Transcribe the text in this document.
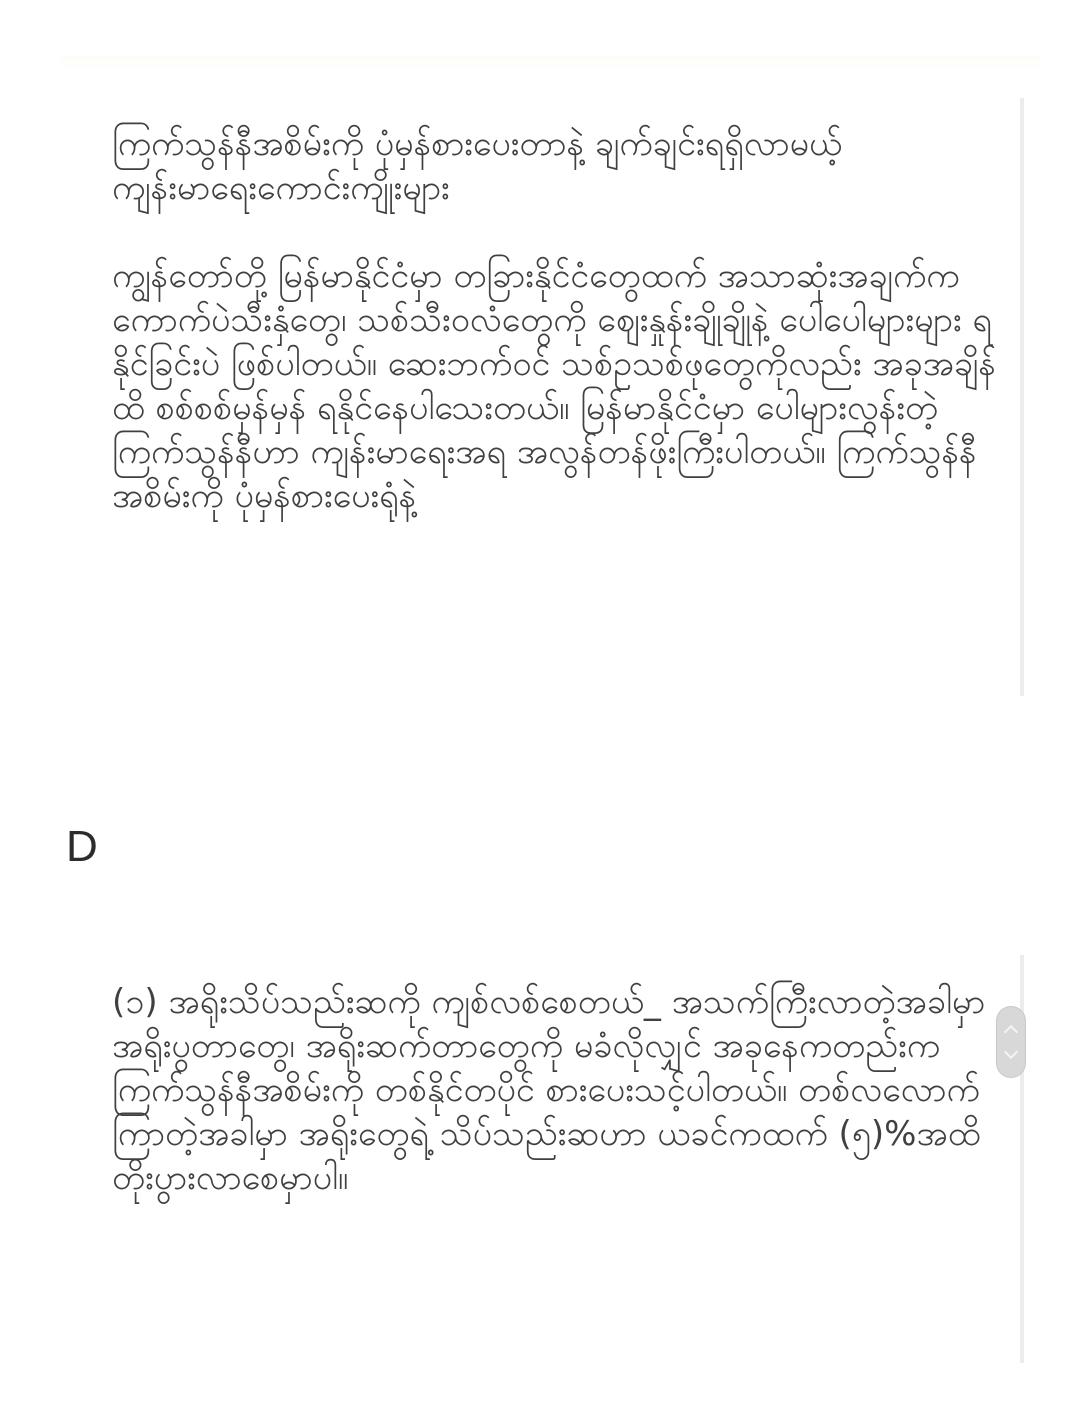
ကြက်သွန်နီအစိမ်းကို ပုံမှန်စားပေးတာနဲ့ ချက်ချင်းရရှိလာမယ့် ကျန်းမာရေးကောင်းကျိုးများ

ကျွန်တော်တို့ မြန်မာနိုင်ငံမှာ တခြားနိုင်ငံတွေထက် အသာဆုံးအချက်က ကောက်ပဲသီးနှံတွေ၊ သစ်သီးဝလံတွေကို ဈေးနှုန်းချိုချိုနဲ့ ပေါပေါများများ ရနိုင်ခြင်းပဲ ဖြစ်ပါတယ်။ ဆေးဘက်ဝင် သစ်ဥသစ်ဖုတွေကိုလည်း အခုအချိန်ထိ စစ်စစ်မှန်မှန် ရနိုင်နေပါသေးတယ်။ မြန်မာနိုင်ငံမှာ ပေါများလွန်းတဲ့ ကြက်သွန်နီဟာ ကျန်းမာရေးအရ အလွန်တန်ဖိုးကြီးပါတယ်။ ကြက်သွန်နီအစိမ်းကို ပုံမှန်စားပေးရုံနဲ့

D

(၁) အရိုးသိပ်သည်းဆကို ကျစ်လစ်စေတယ်_ အသက်ကြီးလာတဲ့အခါမှာ အရိုးပွတာတွေ၊ အရိုးဆက်တာတွေကို မခံလိုလျှင် အခုနေကတည်းက ကြက်သွန်နီအစိမ်းကို တစ်နိုင်တပိုင် စားပေးသင့်ပါတယ်။ တစ်လလောက် ကြာတဲ့အခါမှာ အရိုးတွေရဲ့ သိပ်သည်းဆဟာ ယခင်ကထက် (၅)%အထိ တိုးပွားလာစေမှာပါ။
